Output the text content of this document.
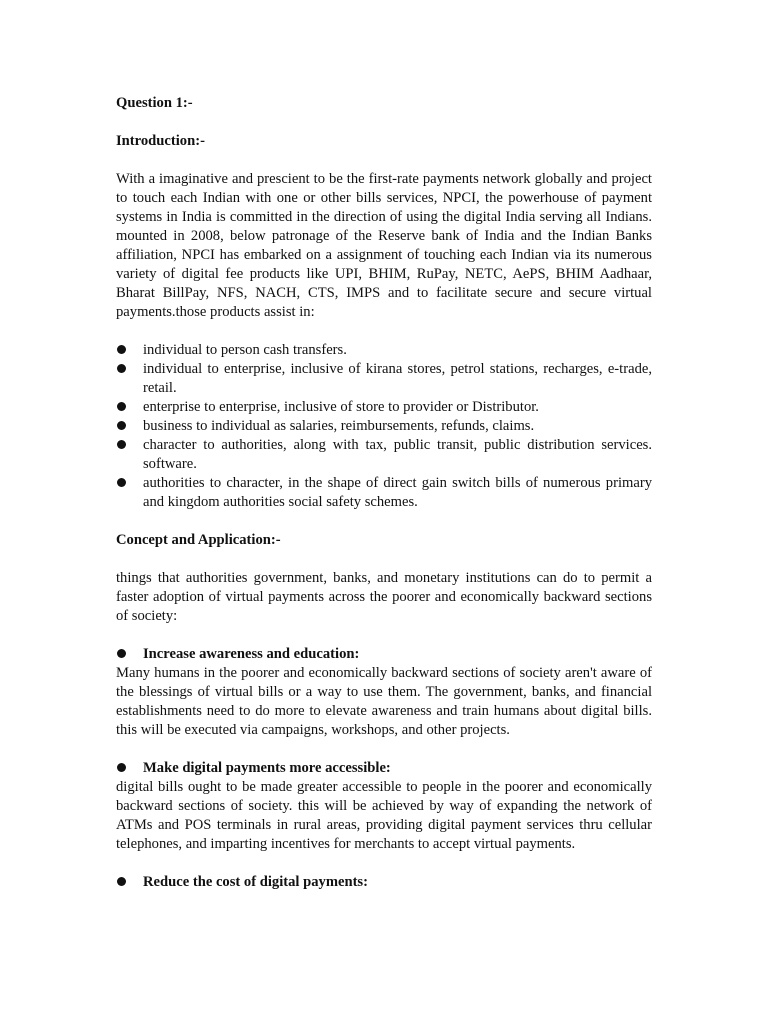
Question 1:-
Introduction:-

With a imaginative and prescient to be the first-rate payments network globally and project to touch each Indian with one or other bills services, NPCI, the powerhouse of payment systems in India is committed in the direction of using the digital India serving all Indians. mounted in 2008, below patronage of the Reserve bank of India and the Indian Banks affiliation, NPCI has embarked on a assignment of touching each Indian via its numerous variety of digital fee products like UPI, BHIM, RuPay, NETC, AePS, BHIM Aadhaar, Bharat BillPay, NFS, NACH, CTS, IMPS and to facilitate secure and secure virtual payments.those products assist in:

individual to person cash transfers.
individual to enterprise, inclusive of kirana stores, petrol stations, recharges, e-trade, retail.
enterprise to enterprise, inclusive of store to provider or Distributor.
business to individual as salaries, reimbursements, refunds, claims.
character to authorities, along with tax, public transit, public distribution services. software.
authorities to character, in the shape of direct gain switch bills of numerous primary and kingdom authorities social safety schemes.
Concept and Application:-

things that authorities government, banks, and monetary institutions can do to permit a faster adoption of virtual payments across the poorer and economically backward sections of society:

Increase awareness and education:

Many humans in the poorer and economically backward sections of society aren't aware of the blessings of virtual bills or a way to use them. The government, banks, and financial establishments need to do more to elevate awareness and train humans about digital bills. this will be executed via campaigns, workshops, and other projects.

Make digital payments more accessible:

digital bills ought to be made greater accessible to people in the poorer and economically backward sections of society. this will be achieved by way of expanding the network of ATMs and POS terminals in rural areas, providing digital payment services thru cellular telephones, and imparting incentives for merchants to accept virtual payments.

Reduce the cost of digital payments:
